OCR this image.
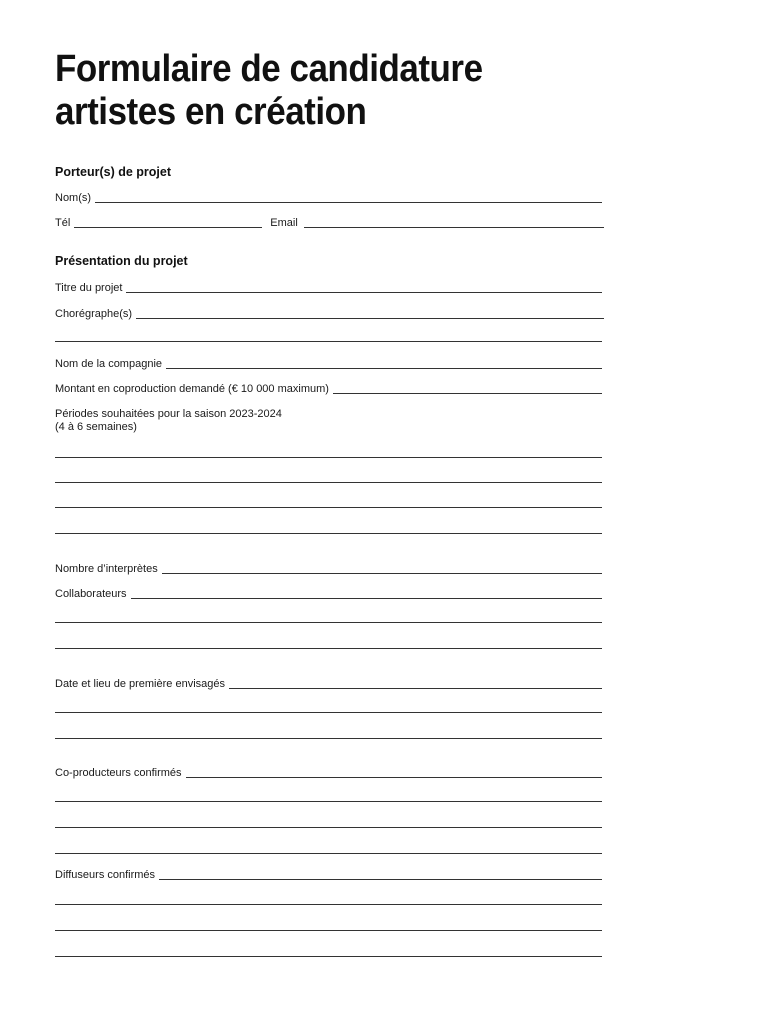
Formulaire de candidature
artistes en création
Porteur(s) de projet
Nom(s)
Tél	Email
Présentation du projet
Titre du projet
Chorégraphe(s)
Nom de la compagnie
Montant en coproduction demandé (€ 10 000 maximum)
Périodes souhaitées pour la saison 2023-2024
(4 à 6 semaines)
Nombre d’interprètes
Collaborateurs
Date et lieu de première envisagés
Co-producteurs confirmés
Diffuseurs confirmés
